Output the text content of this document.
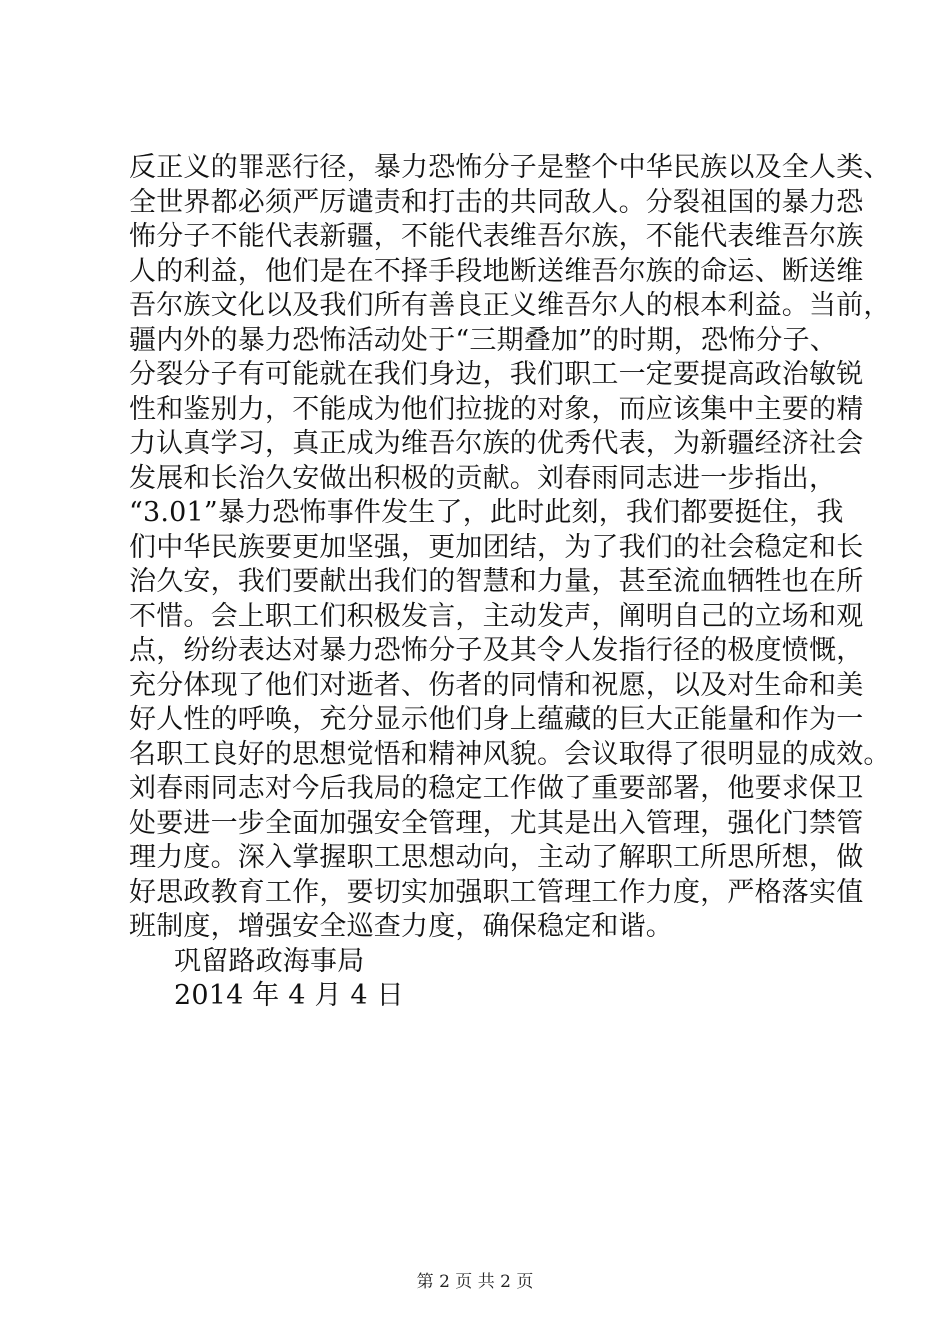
反正义的罪恶行径，暴力恐怖分子是整个中华民族以及全人类、
全世界都必须严厉谴责和打击的共同敌人。分裂祖国的暴力恐
怖分子不能代表新疆，不能代表维吾尔族，不能代表维吾尔族
人的利益，他们是在不择手段地断送维吾尔族的命运、断送维
吾尔族文化以及我们所有善良正义维吾尔人的根本利益。当前，
疆内外的暴力恐怖活动处于“三期叠加”的时期，恐怖分子、
分裂分子有可能就在我们身边，我们职工一定要提高政治敏锐
性和鉴别力，不能成为他们拉拢的对象，而应该集中主要的精
力认真学习，真正成为维吾尔族的优秀代表，为新疆经济社会
发展和长治久安做出积极的贡献。刘春雨同志进一步指出，
“3.01”暴力恐怖事件发生了，此时此刻，我们都要挺住，我
们中华民族要更加坚强，更加团结，为了我们的社会稳定和长
治久安，我们要献出我们的智慧和力量，甚至流血牺牲也在所
不惜。会上职工们积极发言，主动发声，阐明自己的立场和观
点，纷纷表达对暴力恐怖分子及其令人发指行径的极度愤慨，
充分体现了他们对逝者、伤者的同情和祝愿，以及对生命和美
好人性的呼唤，充分显示他们身上蕴藏的巨大正能量和作为一
名职工良好的思想觉悟和精神风貌。会议取得了很明显的成效。
刘春雨同志对今后我局的稳定工作做了重要部署，他要求保卫
处要进一步全面加强安全管理，尤其是出入管理，强化门禁管
理力度。深入掌握职工思想动向，主动了解职工所思所想，做
好思政教育工作，要切实加强职工管理工作力度，严格落实值
班制度，增强安全巡查力度，确保稳定和谐。
巩留路政海事局
2014 年 4 月 4 日
第 2 页 共 2 页
